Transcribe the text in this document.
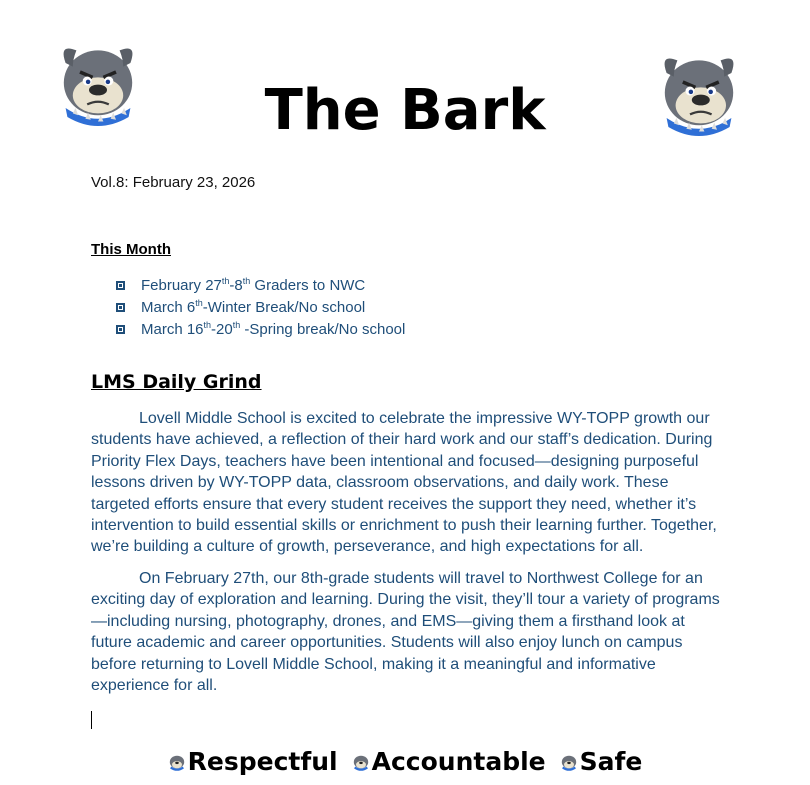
The Bark
Vol.8: February 23, 2026
This Month
February 27th-8th Graders to NWC
March 6th-Winter Break/No school
March 16th-20th -Spring break/No school
LMS Daily Grind

Lovell Middle School is excited to celebrate the impressive WY-TOPP growth our students have achieved, a reflection of their hard work and our staff’s dedication. During Priority Flex Days, teachers have been intentional and focused—designing purposeful lessons driven by WY-TOPP data, classroom observations, and daily work. These targeted efforts ensure that every student receives the support they need, whether it’s intervention to build essential skills or enrichment to push their learning further. Together, we’re building a culture of growth, perseverance, and high expectations for all.

On February 27th, our 8th-grade students will travel to Northwest College for an exciting day of exploration and learning. During the visit, they’ll tour a variety of programs—including nursing, photography, drones, and EMS—giving them a firsthand look at future academic and career opportunities. Students will also enjoy lunch on campus before returning to Lovell Middle School, making it a meaningful and informative experience for all.

Respectful Accountable Safe
